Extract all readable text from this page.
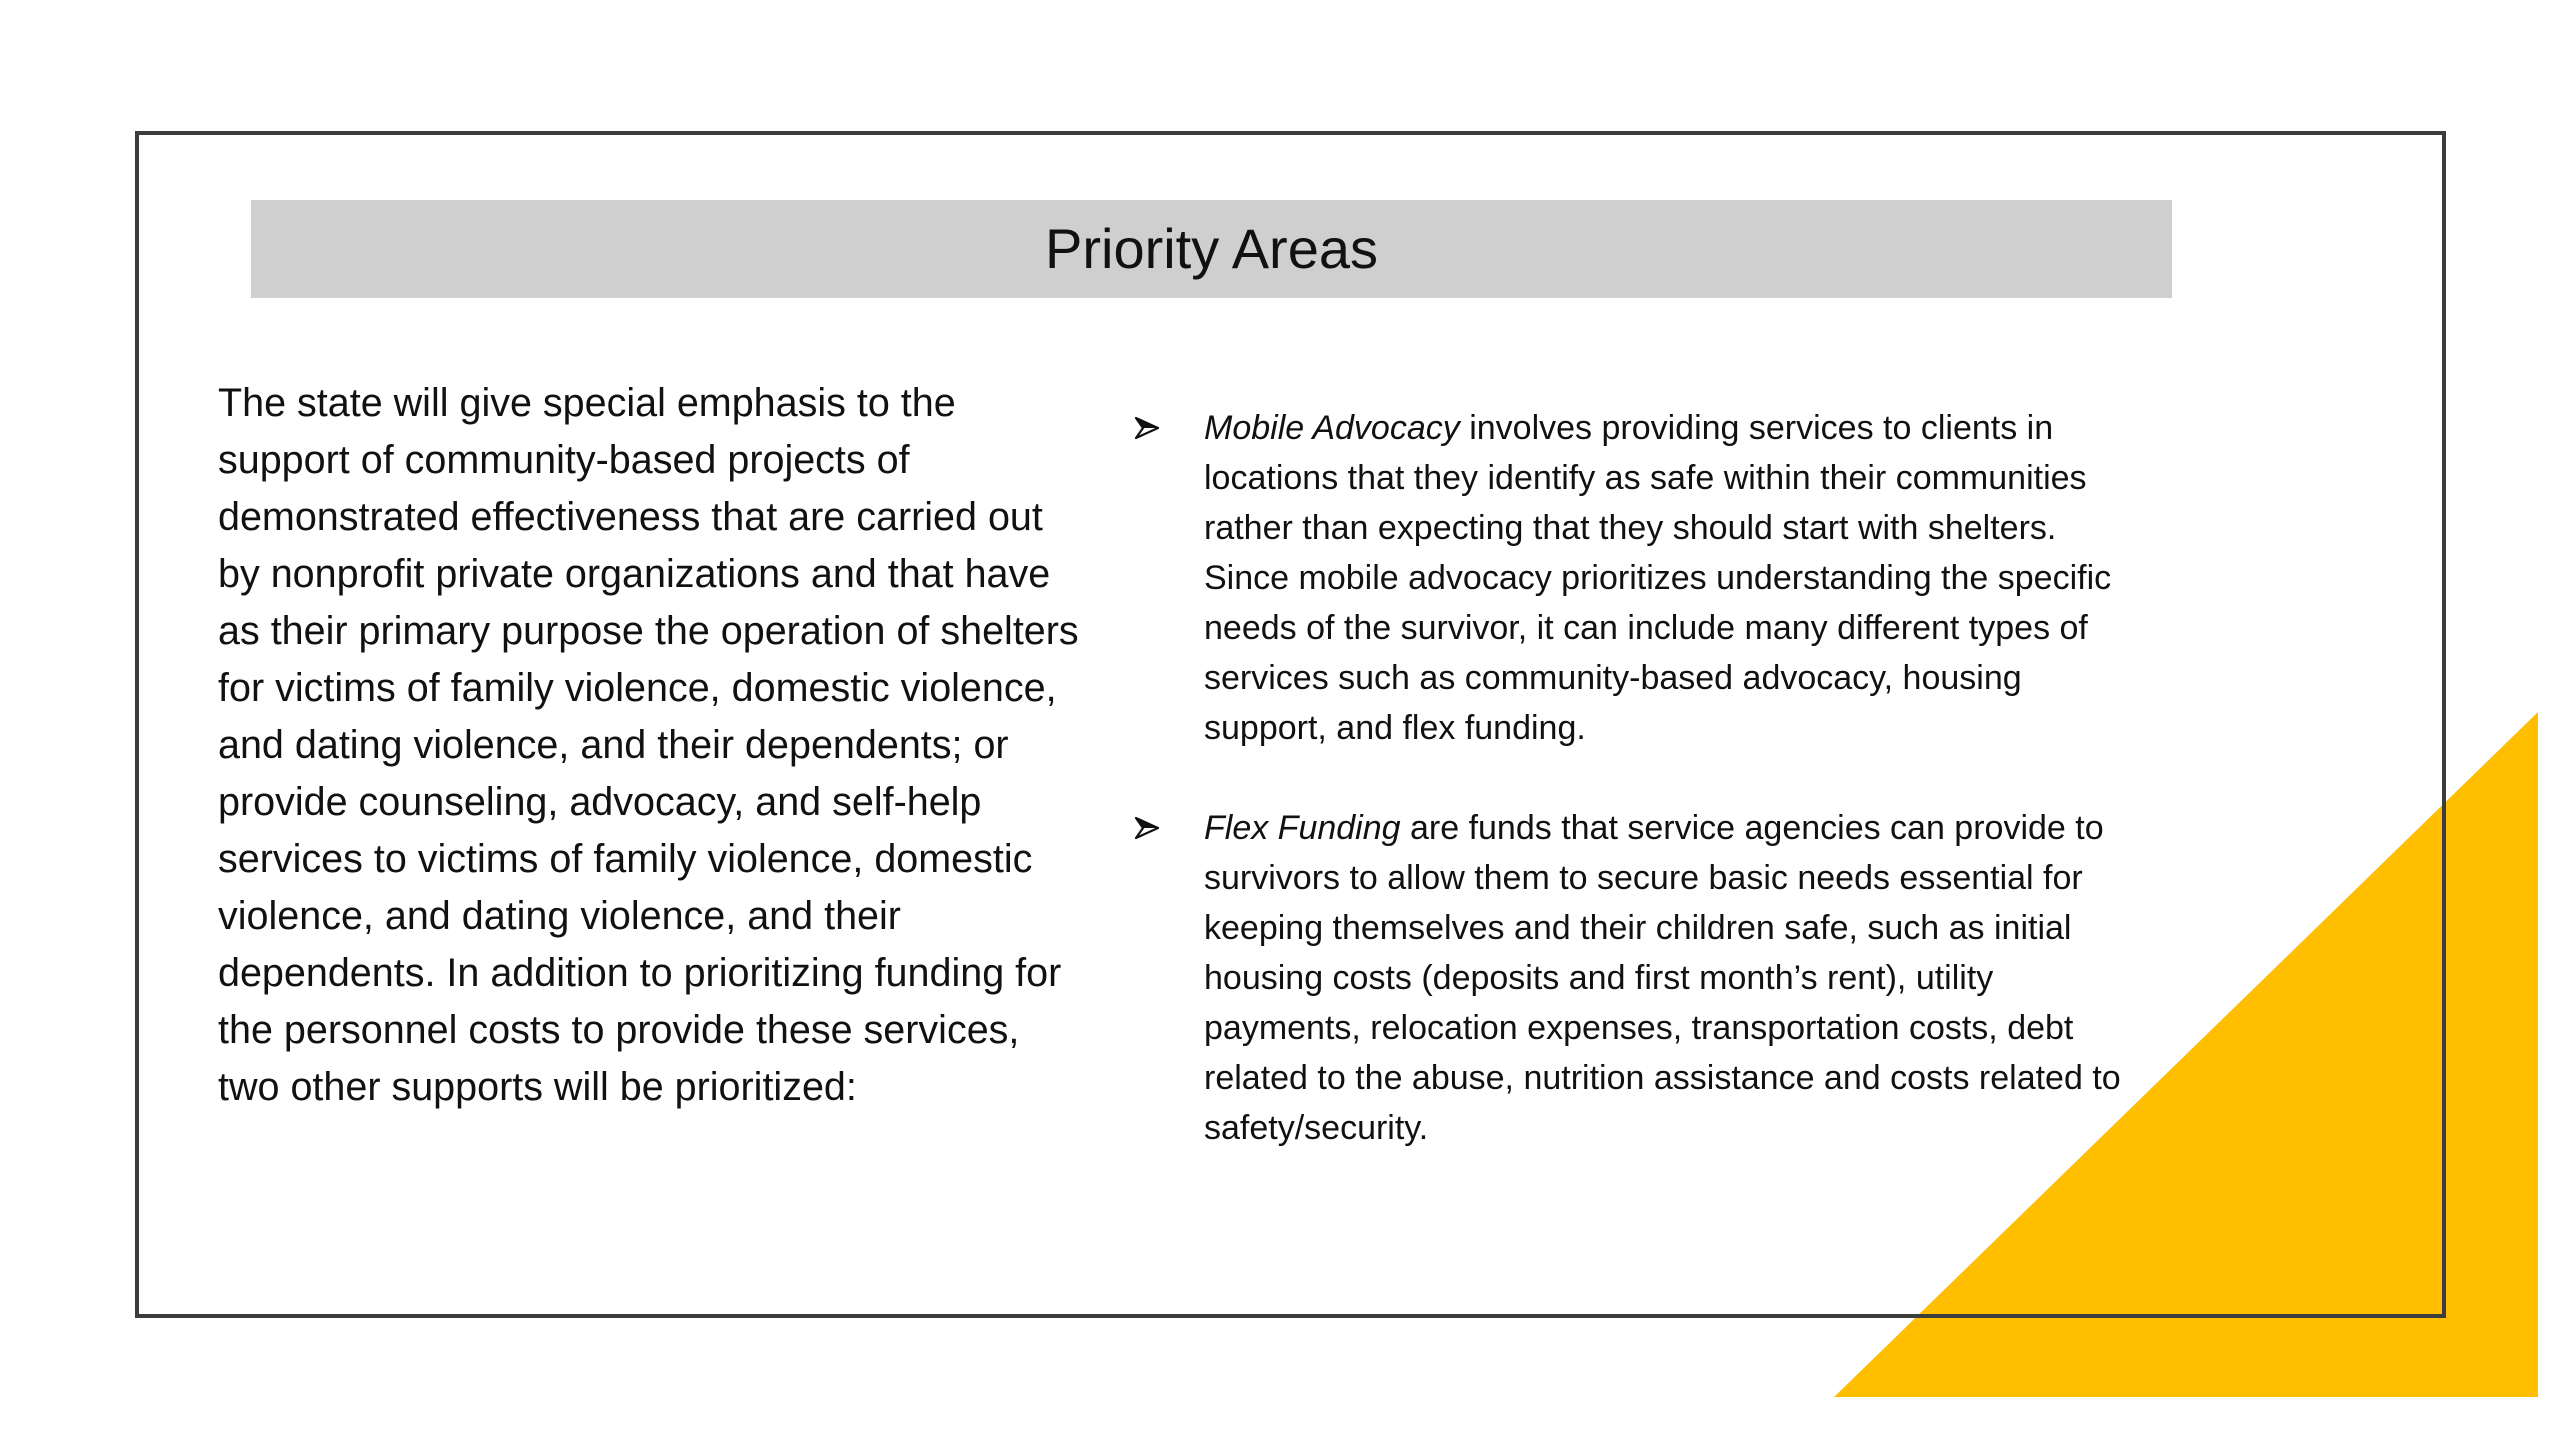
Priority Areas
The state will give special emphasis to the support of community-based projects of demonstrated effectiveness that are carried out by nonprofit private organizations and that have as their primary purpose the operation of shelters for victims of family violence, domestic violence, and dating violence, and their dependents; or provide counseling, advocacy, and self-help services to victims of family violence, domestic violence, and dating violence, and their dependents. In addition to prioritizing funding for the personnel costs to provide these services, two other supports will be prioritized:
Mobile Advocacy involves providing services to clients in locations that they identify as safe within their communities rather than expecting that they should start with shelters. Since mobile advocacy prioritizes understanding the specific needs of the survivor, it can include many different types of services such as community-based advocacy, housing support, and flex funding.
Flex Funding are funds that service agencies can provide to survivors to allow them to secure basic needs essential for keeping themselves and their children safe, such as initial housing costs (deposits and first month’s rent), utility payments, relocation expenses, transportation costs, debt related to the abuse, nutrition assistance and costs related to safety/security.
